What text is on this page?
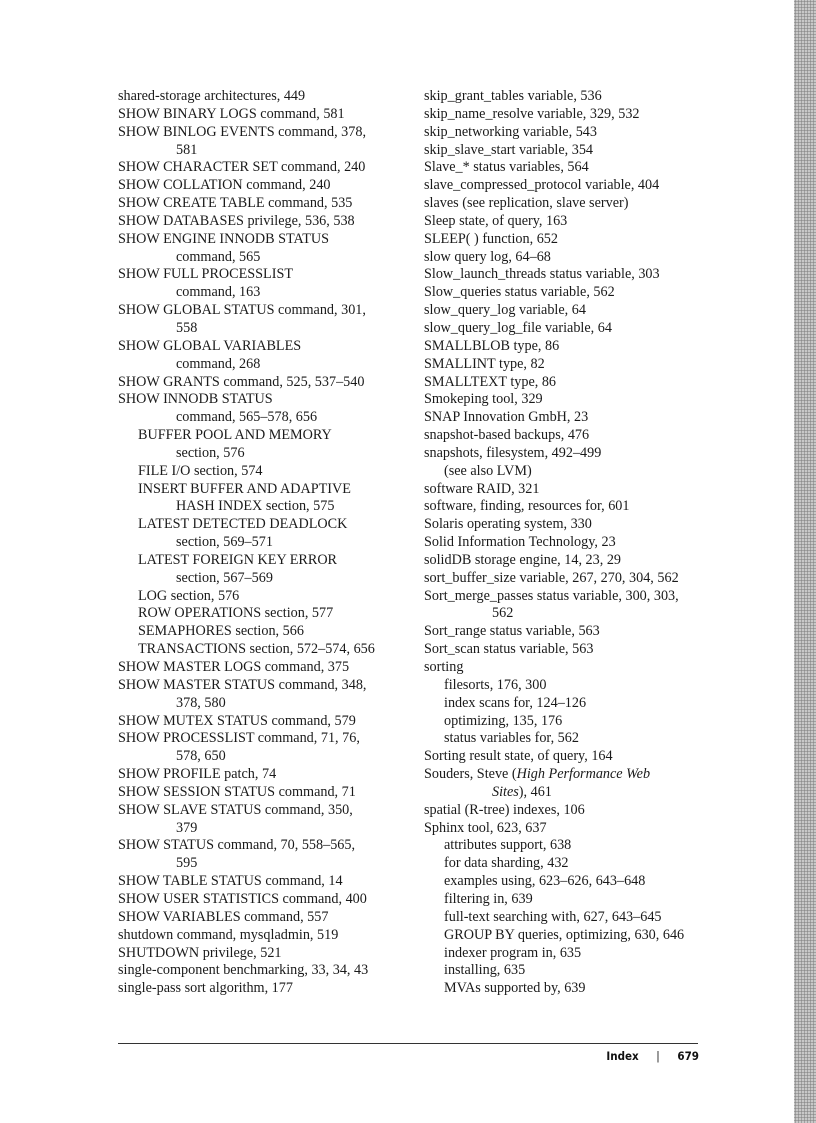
shared-storage architectures, 449
SHOW BINARY LOGS command, 581
SHOW BINLOG EVENTS command, 378,
581
SHOW CHARACTER SET command, 240
SHOW COLLATION command, 240
SHOW CREATE TABLE command, 535
SHOW DATABASES privilege, 536, 538
SHOW ENGINE INNODB STATUS
command, 565
SHOW FULL PROCESSLIST
command, 163
SHOW GLOBAL STATUS command, 301,
558
SHOW GLOBAL VARIABLES
command, 268
SHOW GRANTS command, 525, 537–540
SHOW INNODB STATUS
command, 565–578, 656
BUFFER POOL AND MEMORY
section, 576
FILE I/O section, 574
INSERT BUFFER AND ADAPTIVE
HASH INDEX section, 575
LATEST DETECTED DEADLOCK
section, 569–571
LATEST FOREIGN KEY ERROR
section, 567–569
LOG section, 576
ROW OPERATIONS section, 577
SEMAPHORES section, 566
TRANSACTIONS section, 572–574, 656
SHOW MASTER LOGS command, 375
SHOW MASTER STATUS command, 348,
378, 580
SHOW MUTEX STATUS command, 579
SHOW PROCESSLIST command, 71, 76,
578, 650
SHOW PROFILE patch, 74
SHOW SESSION STATUS command, 71
SHOW SLAVE STATUS command, 350,
379
SHOW STATUS command, 70, 558–565,
595
SHOW TABLE STATUS command, 14
SHOW USER STATISTICS command, 400
SHOW VARIABLES command, 557
shutdown command, mysqladmin, 519
SHUTDOWN privilege, 521
single-component benchmarking, 33, 34, 43
single-pass sort algorithm, 177
skip_grant_tables variable, 536
skip_name_resolve variable, 329, 532
skip_networking variable, 543
skip_slave_start variable, 354
Slave_* status variables, 564
slave_compressed_protocol variable, 404
slaves (see replication, slave server)
Sleep state, of query, 163
SLEEP( ) function, 652
slow query log, 64–68
Slow_launch_threads status variable, 303
Slow_queries status variable, 562
slow_query_log variable, 64
slow_query_log_file variable, 64
SMALLBLOB type, 86
SMALLINT type, 82
SMALLTEXT type, 86
Smokeping tool, 329
SNAP Innovation GmbH, 23
snapshot-based backups, 476
snapshots, filesystem, 492–499
(see also LVM)
software RAID, 321
software, finding, resources for, 601
Solaris operating system, 330
Solid Information Technology, 23
solidDB storage engine, 14, 23, 29
sort_buffer_size variable, 267, 270, 304, 562
Sort_merge_passes status variable, 300, 303,
562
Sort_range status variable, 563
Sort_scan status variable, 563
sorting
filesorts, 176, 300
index scans for, 124–126
optimizing, 135, 176
status variables for, 562
Sorting result state, of query, 164
Souders, Steve (High Performance Web
Sites), 461
spatial (R-tree) indexes, 106
Sphinx tool, 623, 637
attributes support, 638
for data sharding, 432
examples using, 623–626, 643–648
filtering in, 639
full-text searching with, 627, 643–645
GROUP BY queries, optimizing, 630, 646
indexer program in, 635
installing, 635
MVAs supported by, 639
Index | 679
